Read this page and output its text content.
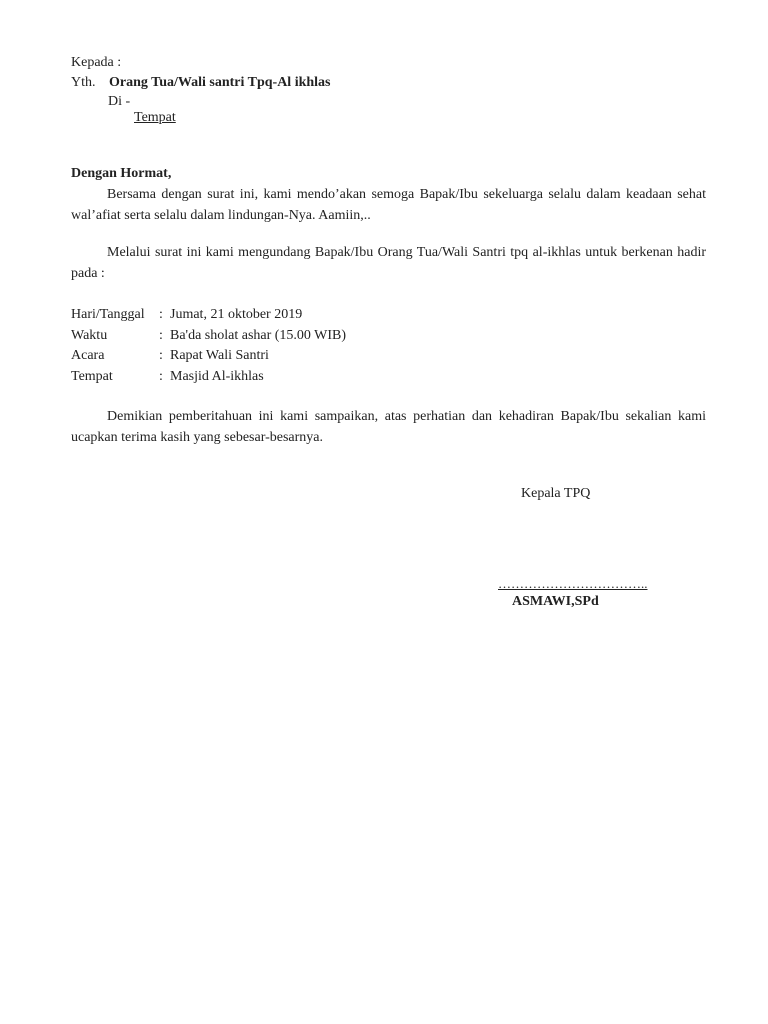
Kepada :
Yth. Orang Tua/Wali santri Tpq-Al ikhlas
Di -
Tempat
Dengan Hormat,
Bersama dengan surat ini, kami mendo’akan semoga Bapak/Ibu sekeluarga selalu dalam keadaan sehat wal’afiat serta selalu dalam lindungan-Nya. Aamiin,..
Melalui surat ini kami mengundang Bapak/Ibu Orang Tua/Wali Santri tpq al-ikhlas untuk berkenan hadir pada :
Hari/Tanggal : Jumat, 21 oktober 2019
Waktu	: Ba'da sholat ashar (15.00 WIB)
Acara	: Rapat Wali Santri
Tempat	: Masjid Al-ikhlas
Demikian pemberitahuan ini kami sampaikan, atas perhatian dan kehadiran Bapak/Ibu sekalian kami ucapkan terima kasih yang sebesar-besarnya.
Kepala TPQ
……………………………..
ASMAWI,SPd
